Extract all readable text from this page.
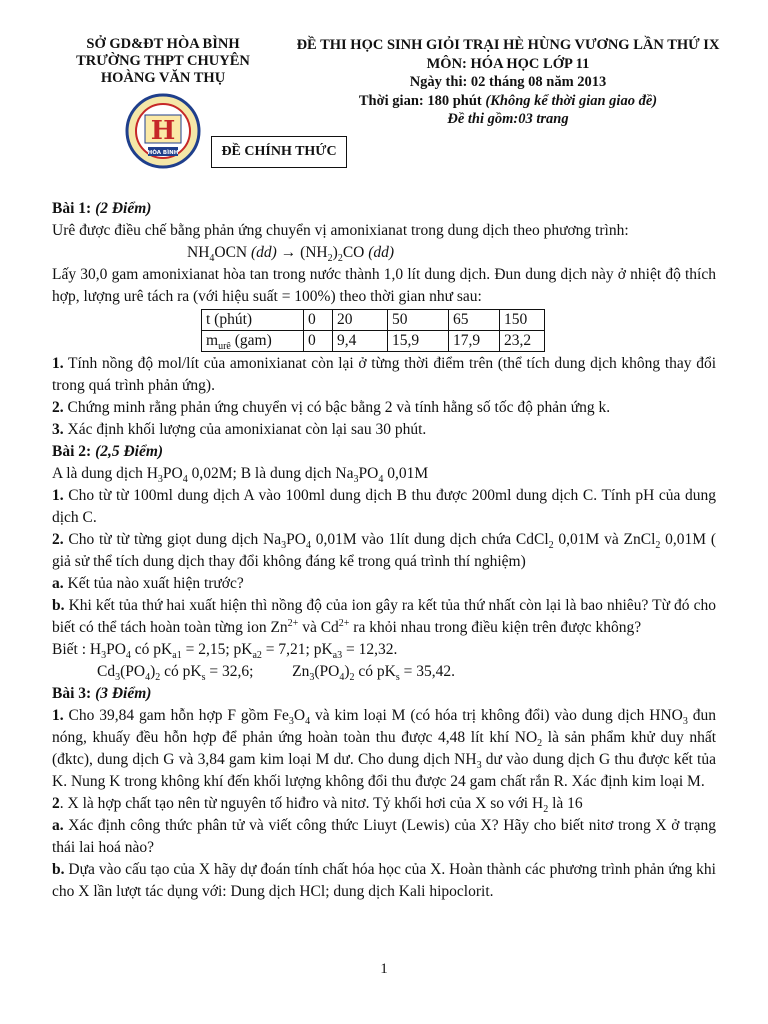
SỞ GD&ĐT HÒA BÌNH
TRƯỜNG THPT CHUYÊN
HOÀNG VĂN THỤ
H
HÒA BÌNH
ĐỀ THI HỌC SINH GIỎI TRẠI HÈ HÙNG VƯƠNG LẦN THỨ IX
MÔN: HÓA HỌC LỚP 11
Ngày thi: 02 tháng 08 năm 2013
Thời gian: 180 phút (Không kể thời gian giao đề)
Đề thi gồm:03 trang
ĐỀ CHÍNH THỨC

Bài 1: (2 Điểm)

Urê được điều chế bằng phản ứng chuyển vị amonixianat trong dung dịch theo phương trình:

$NH_4OCN$ $(dd) \to (NH_2)_2CO$ (dd)

Lấy 30,0 gam amonixianat hòa tan trong nước thành 1,0 lít dung dịch. Đun dung dịch này ở nhiệt độ thích hợp, lượng urê tách ra (với hiệu suất = 100%) theo thời gian như sau:

t (phút)	0	20	50	65	150
$m_{urê}$ (gam)	0	9,4	15,9	17,9	23,2

1. Tính nồng độ mol/lít của amonixianat còn lại ở từng thời điểm trên (thể tích dung dịch không thay đổi trong quá trình phản ứng).

2. Chứng minh rằng phản ứng chuyển vị có bậc bằng 2 và tính hằng số tốc độ phản ứng k.

3. Xác định khối lượng của amonixianat còn lại sau 30 phút.

Bài 2: (2,5 Điểm)

A là dung dịch $H_3PO_4$ 0,02M; B là dung dịch $Na_3PO_4$ 0,01M

1. Cho từ từ 100ml dung dịch A vào 100ml dung dịch B thu được 200ml dung dịch C. Tính pH của dung dịch C.

2. Cho từ từ từng giọt dung dịch $Na_3PO_4$ 0,01M vào 1lít dung dịch chứa CdCl$_2$ 0,01M và ZnCl$_2$ 0,01M ( giả sử thể tích dung dịch thay đổi không đáng kể trong quá trình thí nghiệm)

a. Kết tủa nào xuất hiện trước?

b. Khi kết tủa thứ hai xuất hiện thì nồng độ của ion gây ra kết tủa thứ nhất còn lại là bao nhiêu? Từ đó cho biết có thể tách hoàn toàn từng ion $Zn^{2+}$ và $Cd^{2+}$ ra khỏi nhau trong điều kiện trên được không?

Biết : $H_3PO_4$ có $pK_{a1} = 2,15$; $pK_{a2} = 7,21$; $pK_{a3} = 12,32$.

$Cd_3(PO_4)_2$ có $pK_s = 32,6$;          $Zn_3(PO_4)_2$ có $pK_s = 35,42$.

Bài 3: (3 Điểm)

1. Cho 39,84 gam hỗn hợp F gồm $Fe_3O_4$ và kim loại M (có hóa trị không đổi) vào dung dịch $HNO_3$ đun nóng, khuấy đều hỗn hợp để phản ứng hoàn toàn thu được 4,48 lít khí $NO_2$ là sản phẩm khử duy nhất (đktc), dung dịch G và 3,84 gam kim loại M dư. Cho dung dịch $NH_3$ dư vào dung dịch G thu được kết tủa K. Nung K trong không khí đến khối lượng không đổi thu được 24 gam chất rắn R. Xác định kim loại M.

2. X là hợp chất tạo nên từ nguyên tố hiđro và nitơ. Tỷ khối hơi của X so với $H_2$ là 16

a. Xác định công thức phân tử và viết công thức Liuyt (Lewis) của X? Hãy cho biết nitơ trong X ở trạng thái lai hoá nào?

b. Dựa vào cấu tạo của X hãy dự đoán tính chất hóa học của X. Hoàn thành các phương trình phản ứng khi cho X lần lượt tác dụng với: Dung dịch HCl; dung dịch Kali hipoclorit.

1
